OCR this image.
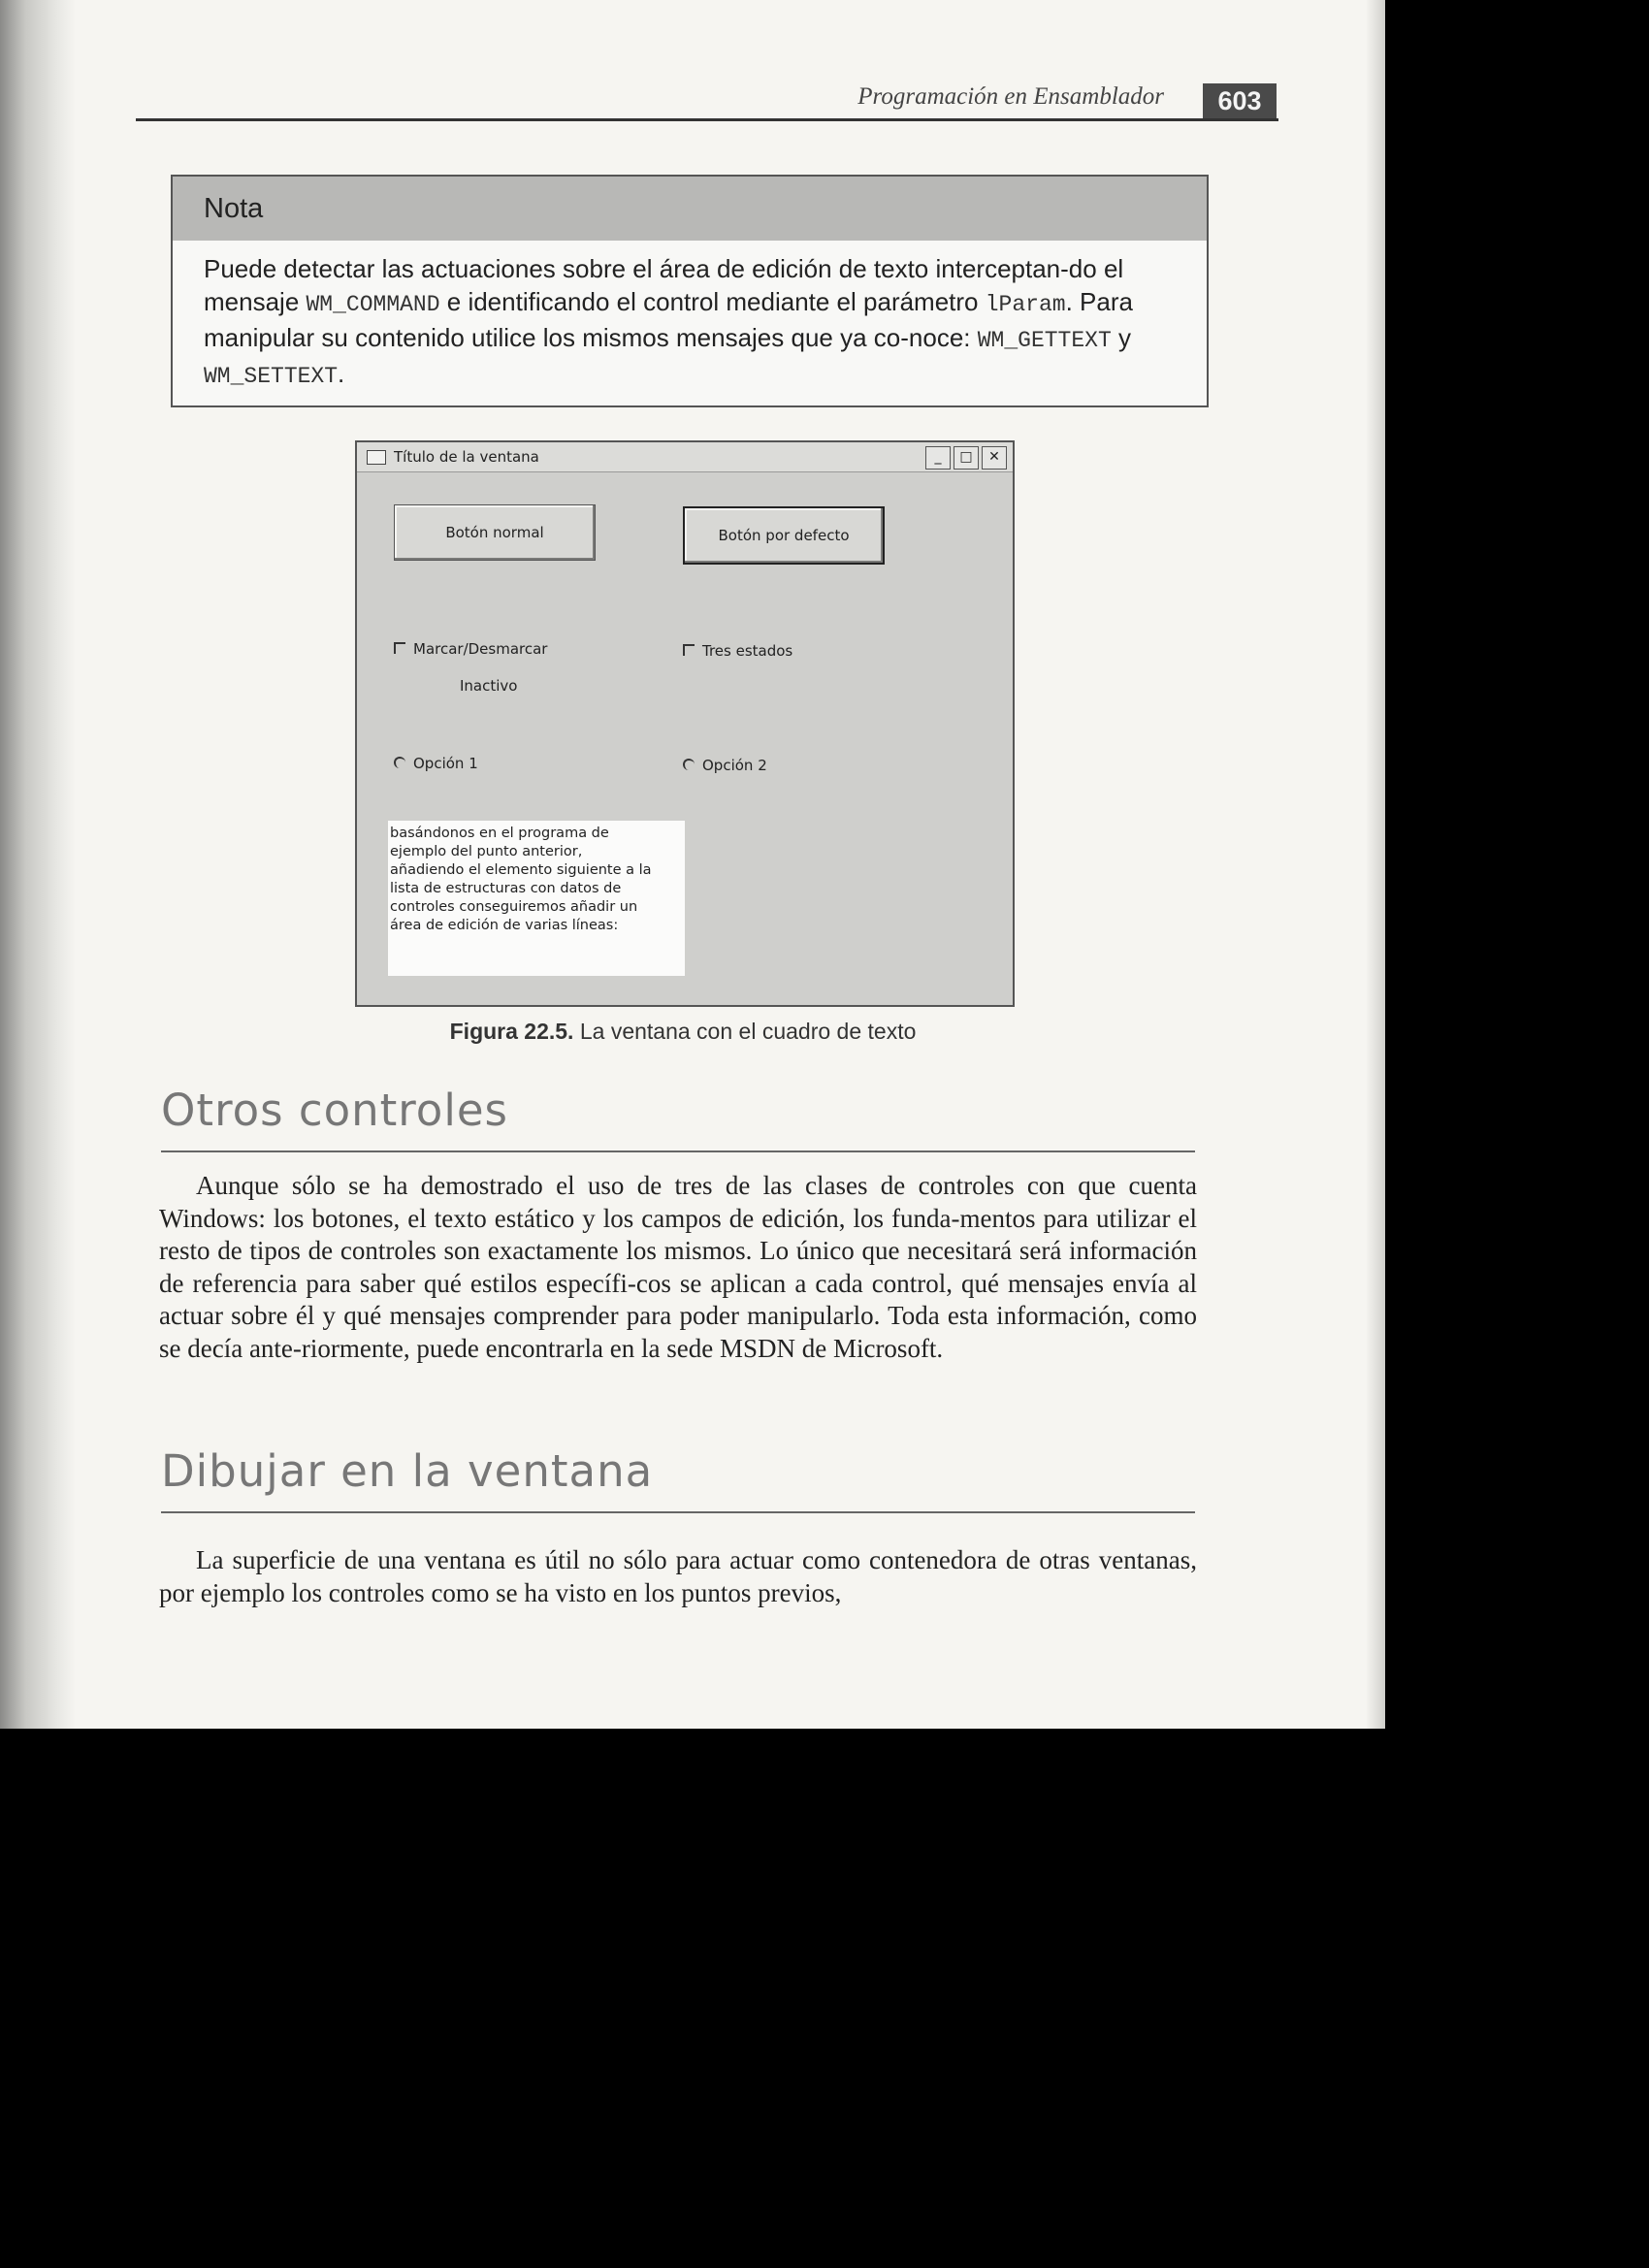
Programación en Ensamblador	603
Nota
Puede detectar las actuaciones sobre el área de edición de texto interceptan-do el mensaje WM_COMMAND e identificando el control mediante el parámetro lParam. Para manipular su contenido utilice los mismos mensajes que ya co-noce: WM_GETTEXT y WM_SETTEXT.
Título de la ventana	_ □ ✕
Botón normal	Botón por defecto
Marcar/Desmarcar	Tres estados
Inactivo
Opción 1	Opción 2
basándonos en el programa de
ejemplo del punto anterior,
añadiendo el elemento siguiente a la
lista de estructuras con datos de
controles conseguiremos añadir un
área de edición de varias líneas:
Figura 22.5. La ventana con el cuadro de texto
Otros controles

Aunque sólo se ha demostrado el uso de tres de las clases de controles con que cuenta Windows: los botones, el texto estático y los campos de edición, los funda-mentos para utilizar el resto de tipos de controles son exactamente los mismos. Lo único que necesitará será información de referencia para saber qué estilos específi-cos se aplican a cada control, qué mensajes envía al actuar sobre él y qué mensajes comprender para poder manipularlo. Toda esta información, como se decía ante-riormente, puede encontrarla en la sede MSDN de Microsoft.

Dibujar en la ventana

La superficie de una ventana es útil no sólo para actuar como contenedora de otras ventanas, por ejemplo los controles como se ha visto en los puntos previos,
